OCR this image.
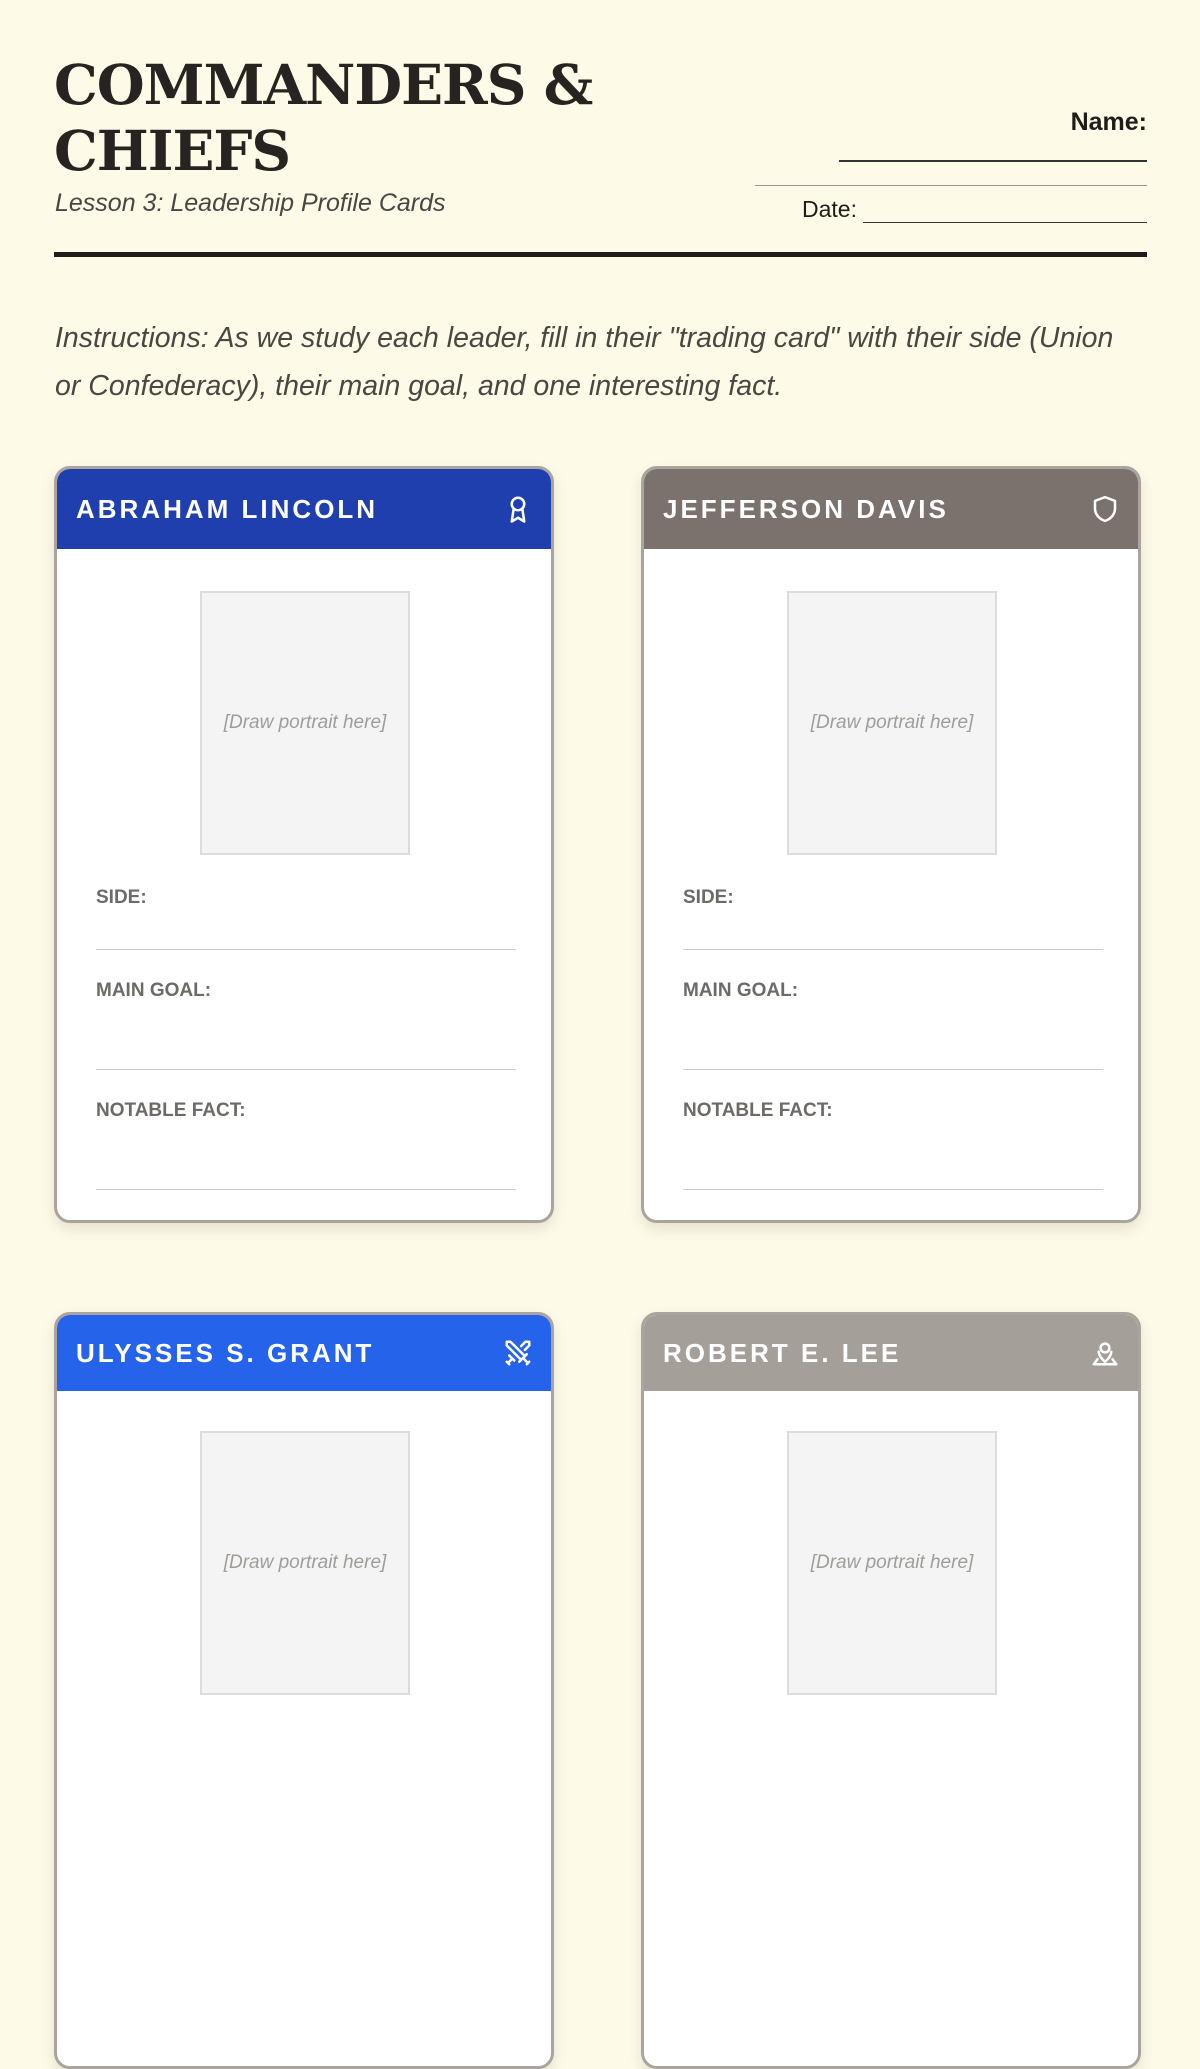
COMMANDERS & CHIEFS
Lesson 3: Leadership Profile Cards
Name:
Date:

Instructions: As we study each leader, fill in their "trading card" with their side (Union or Confederacy), their main goal, and one interesting fact.

ABRAHAM LINCOLN
[Draw portrait here]
SIDE:
MAIN GOAL:
NOTABLE FACT:
JEFFERSON DAVIS
[Draw portrait here]
SIDE:
MAIN GOAL:
NOTABLE FACT:
ULYSSES S. GRANT
[Draw portrait here]
ROBERT E. LEE
[Draw portrait here]
